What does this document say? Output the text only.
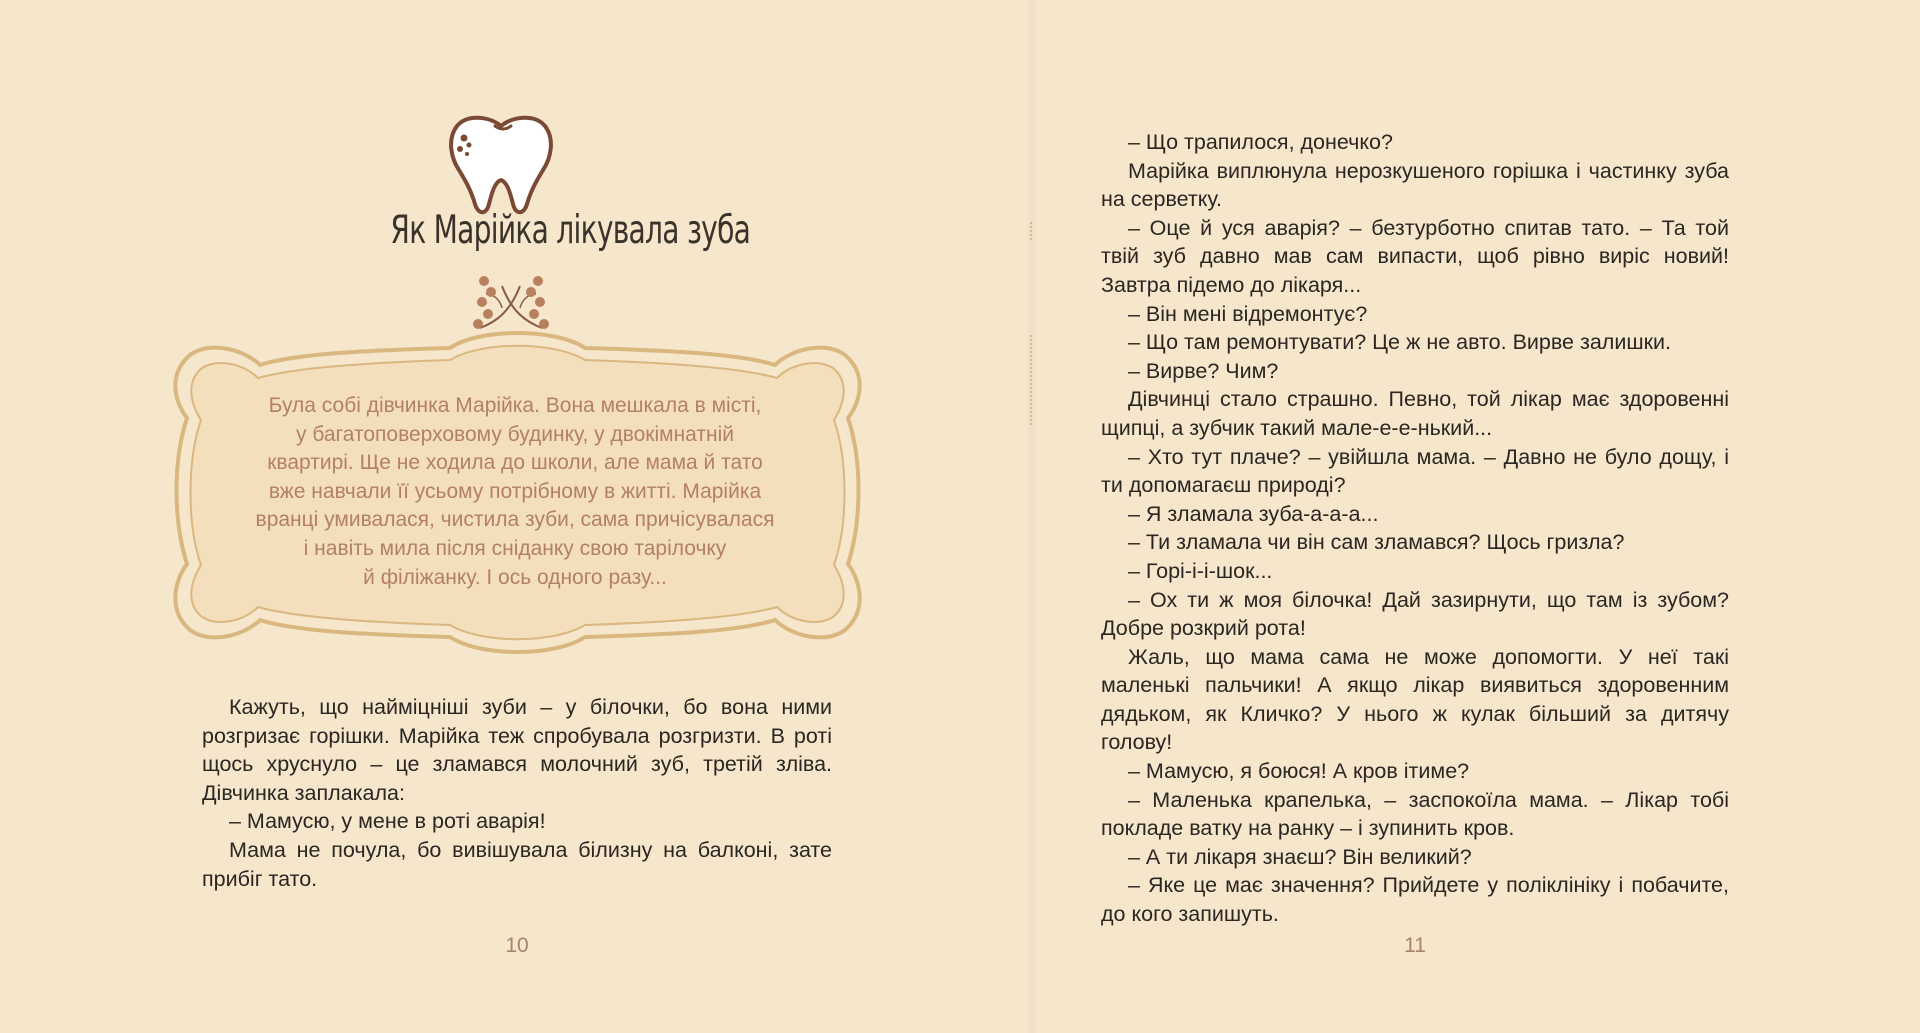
Як Марійка лікувала зуба

Була собі дівчинка Марійка. Вона мешкала в місті,

у багатоповерховому будинку, у двокімнатній

квартирі. Ще не ходила до школи, але мама й тато

вже навчали її усьому потрібному в житті. Марійка

вранці умивалася, чистила зуби, сама причісувалася

і навіть мила після сніданку свою тарілочку

й філіжанку. І ось одного разу...

Кажуть, що наймiцнiшi зуби – у бiлочки, бо вона ними розгризає горiшки. Марiйка теж спробувала розгризти. В ротi щось хруснуло – це зламався молочний зуб, третiй злiва. Дiвчинка заплакала:

– Мамусю, у мене в ротi аварiя!

Мама не почула, бо вивiшувала бiлизну на балконi, зате прибiг тато.

10

– Що трапилося, донечко?

Марiйка виплюнула нерозкушеного горiшка i частинку зуба на серветку.

– Оце й уся аварiя? – безтурботно спитав тато. – Та той твiй зуб давно мав сам випасти, щоб рiвно вирiс новий! Завтра пiдемо до лiкаря...

– Вiн менi вiдремонтує?

– Що там ремонтувати? Це ж не авто. Вирве залишки.

– Вирве? Чим?

Дiвчинцi стало страшно. Певно, той лiкар має здоровеннi щипцi, а зубчик такий мале-е-е-нький...

– Хто тут плаче? – увiйшла мама. – Давно не було дощу, i ти допомагаєш природi?

– Я зламала зуба-а-а-а...

– Ти зламала чи вiн сам зламався? Щось гризла?

– Горi-i-i-шок...

– Ох ти ж моя бiлочка! Дай зазирнути, що там iз зубом? Добре розкрий рота!

Жаль, що мама сама не може допомогти. У неї такi маленькi пальчики! А якщо лiкар виявиться здоровенним дядьком, як Кличко? У нього ж кулак бiльший за дитячу голову!

– Мамусю, я боюся! А кров iтиме?

– Маленька крапелька, – заспокоїла мама. – Лiкар тобi покладе ватку на ранку – i зупинить кров.

– А ти лiкаря знаєш? Вiн великий?

– Яке це має значення? Прийдете у полiклiнiку i побачите, до кого запишуть.

11
